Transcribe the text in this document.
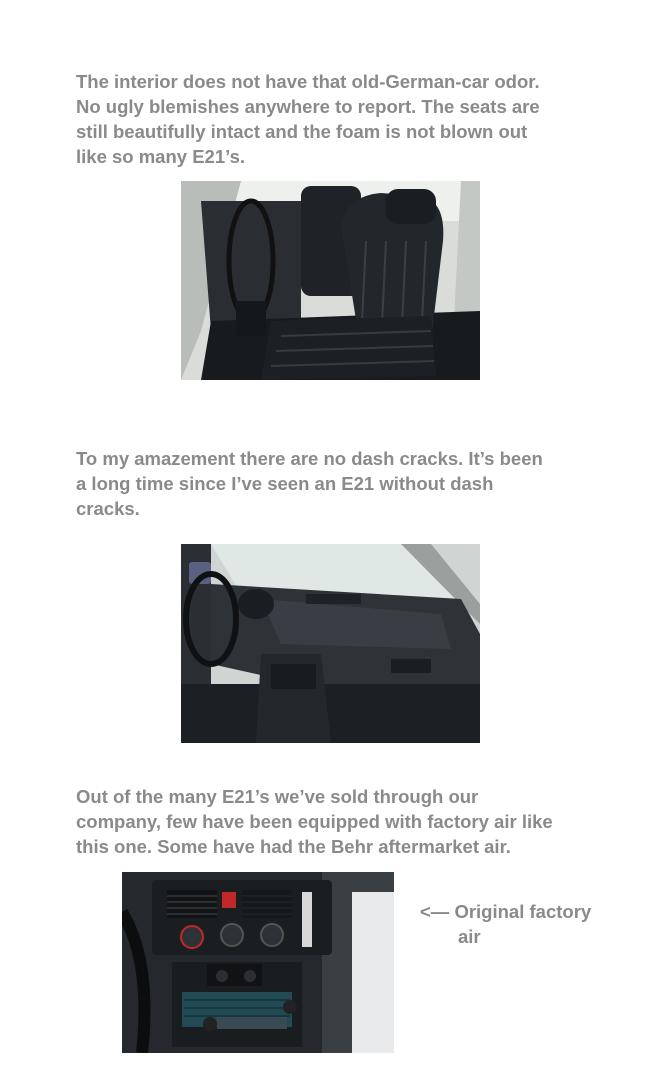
The interior does not have that old-German-car odor.
No ugly blemishes anywhere to report. The seats are
still beautifully intact and the foam is not blown out
like so many E21’s.

To my amazement there are no dash cracks. It’s been
a long time since I’ve seen an E21 without dash
cracks.

Out of the many E21’s we’ve sold through our
company, few have been equipped with factory air like
this one. Some have had the Behr aftermarket air.

<— Original factory
air
